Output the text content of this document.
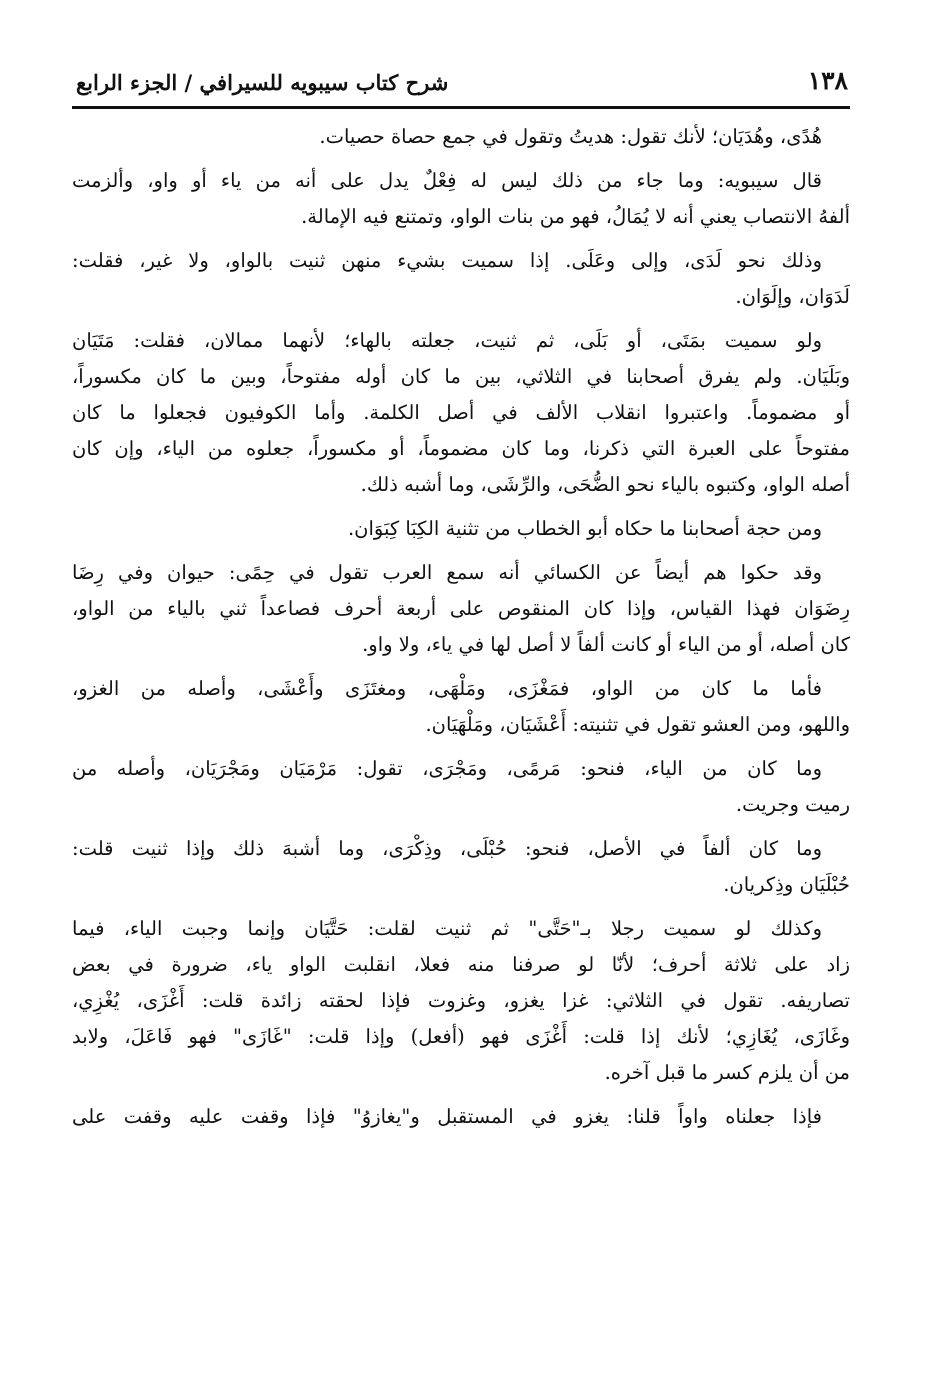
١٣٨
شرح كتاب سيبويه للسيرافي / الجزء الرابع
هُدًى، وهُدَيَان؛ لأنك تقول: هديتُ وتقول في جمع حصاة حصيات.
قال سيبويه: وما جاء من ذلك ليس له فِعْلٌ يدل على أنه من ياء أو واو، وألزمت
ألفهُ الانتصاب يعني أنه لا يُمَالُ، فهو من بنات الواو، وتمتنع فيه الإمالة.
وذلك نحو لَدَى، وإلى وعَلَى. إذا سميت بشيء منهن ثنيت بالواو، ولا غير، فقلت:
لَدَوَان، وإلَوَان.
ولو سميت بمَتَى، أو بَلَى، ثم ثنيت، جعلته بالهاء؛ لأنهما ممالان، فقلت: مَتَيَان
وبَلَيَان. ولم يفرق أصحابنا في الثلاثي، بين ما كان أوله مفتوحاً، وبين ما كان مكسوراً،
أو مضموماً. واعتبروا انقلاب الألف في أصل الكلمة. وأما الكوفيون فجعلوا ما كان
مفتوحاً على العبرة التي ذكرنا، وما كان مضموماً، أو مكسوراً، جعلوه من الياء، وإن كان
أصله الواو، وكتبوه بالياء نحو الضُّحَى، والرِّشَى، وما أشبه ذلك.
ومن حجة أصحابنا ما حكاه أبو الخطاب من تثنية الكِبَا كِبَوَان.
وقد حكوا هم أيضاً عن الكسائي أنه سمع العرب تقول في حِمًى: حيوان وفي رِضَا
رِضَوَان فهذا القياس، وإذا كان المنقوص على أربعة أحرف فصاعداً ثني بالياء من الواو،
كان أصله، أو من الياء أو كانت ألفاً لا أصل لها في ياء، ولا واو.
فأما ما كان من الواو، فمَغْزَى، ومَلْهَى، ومغتَزَى وأَعْشَى، وأصله من الغزو،
واللهو، ومن العشو تقول في تثنيته: أَعْشَيَان، ومَلْهَيَان.
وما كان من الياء، فنحو: مَرمًى، ومَجْرَى، تقول: مَرْمَيَان ومَجْرَيَان، وأصله من
رميت وجريت.
وما كان ألفاً في الأصل، فنحو: حُبْلَى، وذِكْرَى، وما أشبهَ ذلك وإذا ثنيت قلت:
حُبْلَيَان وذِكريان.
وكذلك لو سميت رجلا بـ"حَتَّى" ثم ثنيت لقلت: حَتَّيَان وإنما وجبت الياء، فيما
زاد على ثلاثة أحرف؛ لأنّا لو صرفنا منه فعلا، انقلبت الواو ياء، ضرورة في بعض
تصاريفه. تقول في الثلاثي: غزا يغزو، وغزوت فإذا لحقته زائدة قلت: أَغْزَى، يُغْزِي،
وغَازَى، يُغَازِي؛ لأنك إذا قلت: أَغْزَى فهو (أفعل) وإذا قلت: "غَازَى" فهو فَاعَلَ، ولابد
من أن يلزم كسر ما قبل آخره.
فإذا جعلناه واواً قلنا: يغزو في المستقبل و"يغازوُ" فإذا وقفت عليه وقفت على
